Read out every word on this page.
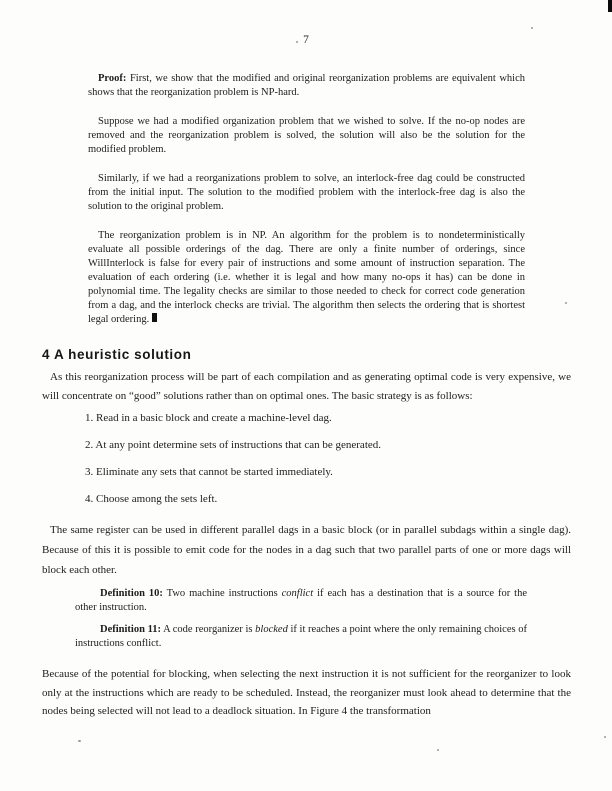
7

Proof: First, we show that the modified and original reorganization problems are equivalent which shows that the reorganization problem is NP-hard.

Suppose we had a modified organization problem that we wished to solve. If the no-op nodes are removed and the reorganization problem is solved, the solution will also be the solution for the modified problem.

Similarly, if we had a reorganizations problem to solve, an interlock-free dag could be constructed from the initial input. The solution to the modified problem with the interlock-free dag is also the solution to the original problem.

The reorganization problem is in NP. An algorithm for the problem is to nondeterministically evaluate all possible orderings of the dag. There are only a finite number of orderings, since WillInterlock is false for every pair of instructions and some amount of instruction separation. The evaluation of each ordering (i.e. whether it is legal and how many no-ops it has) can be done in polynomial time. The legality checks are similar to those needed to check for correct code generation from a dag, and the interlock checks are trivial. The algorithm then selects the ordering that is shortest legal ordering.

4 A heuristic solution

As this reorganization process will be part of each compilation and as generating optimal code is very expensive, we will concentrate on “good” solutions rather than on optimal ones. The basic strategy is as follows:

1. Read in a basic block and create a machine-level dag.

2. At any point determine sets of instructions that can be generated.

3. Eliminate any sets that cannot be started immediately.

4. Choose among the sets left.

The same register can be used in different parallel dags in a basic block (or in parallel subdags within a single dag). Because of this it is possible to emit code for the nodes in a dag such that two parallel parts of one or more dags will block each other.

Definition 10: Two machine instructions conflict if each has a destination that is a source for the other instruction.

Definition 11: A code reorganizer is blocked if it reaches a point where the only remaining choices of instructions conflict.

Because of the potential for blocking, when selecting the next instruction it is not sufficient for the reorganizer to look only at the instructions which are ready to be scheduled. Instead, the reorganizer must look ahead to determine that the nodes being selected will not lead to a deadlock situation. In Figure 4 the transformation
